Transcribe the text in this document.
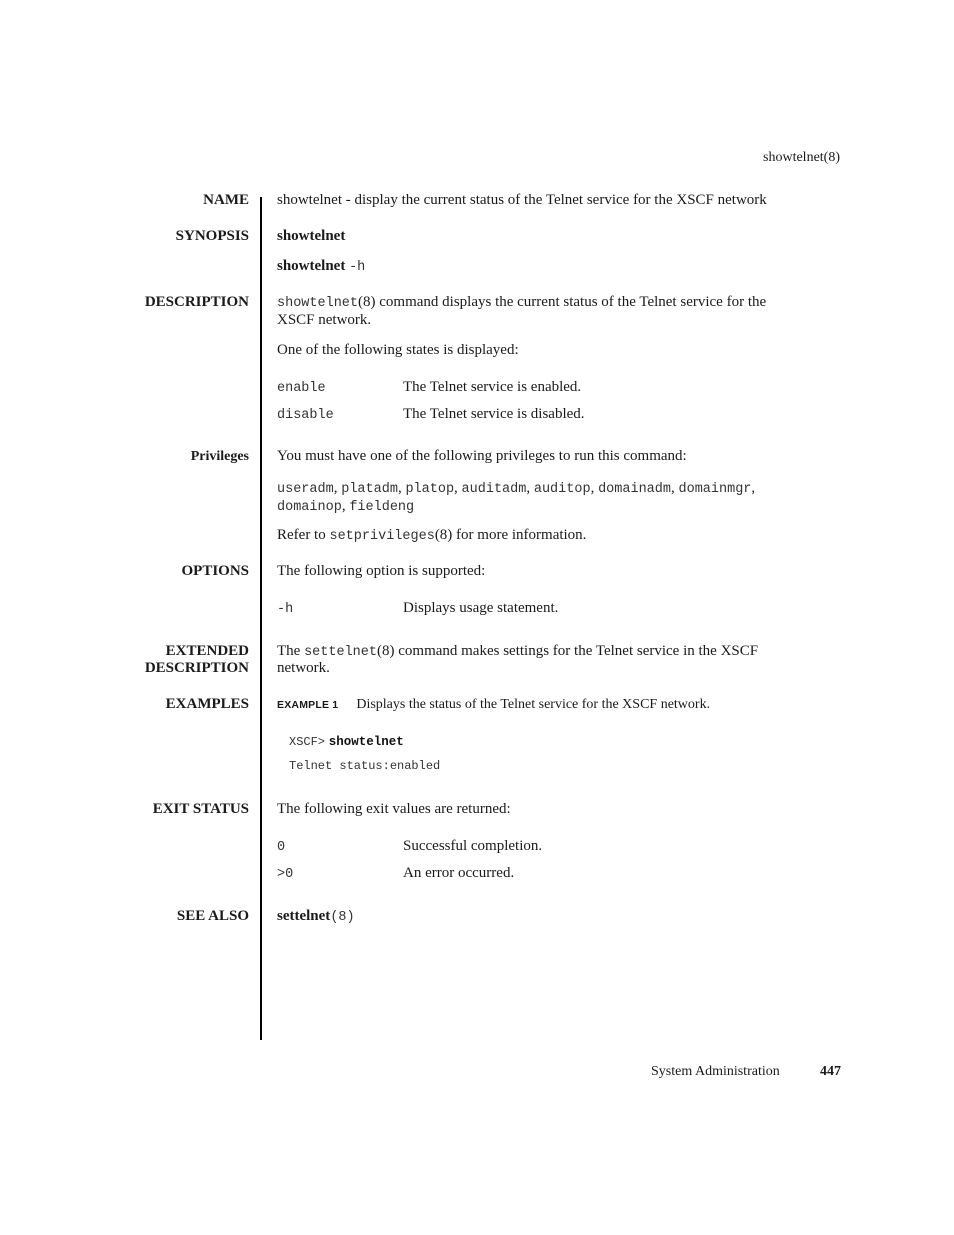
showtelnet(8)
NAME showtelnet - display the current status of the Telnet service for the XSCF network
SYNOPSIS showtelnet
showtelnet -h
DESCRIPTION showtelnet(8) command displays the current status of the Telnet service for the
XSCF network.
One of the following states is displayed:
enable	The Telnet service is enabled.
disable	The Telnet service is disabled.
Privileges You must have one of the following privileges to run this command:
useradm, platadm, platop, auditadm, auditop, domainadm, domainmgr,
domainop, fieldeng
Refer to setprivileges(8) for more information.
OPTIONS The following option is supported:
-h	Displays usage statement.
EXTENDED
DESCRIPTION
The settelnet(8) command makes settings for the Telnet service in the XSCF
network.
EXAMPLES	EXAMPLE 1 Displays the status of the Telnet service for the XSCF network.
XSCF> showtelnet
Telnet status:enabled
EXIT STATUS The following exit values are returned:
0	Successful completion.
>0	An error occurred.
SEE ALSO settelnet(8)
System Administration	447
